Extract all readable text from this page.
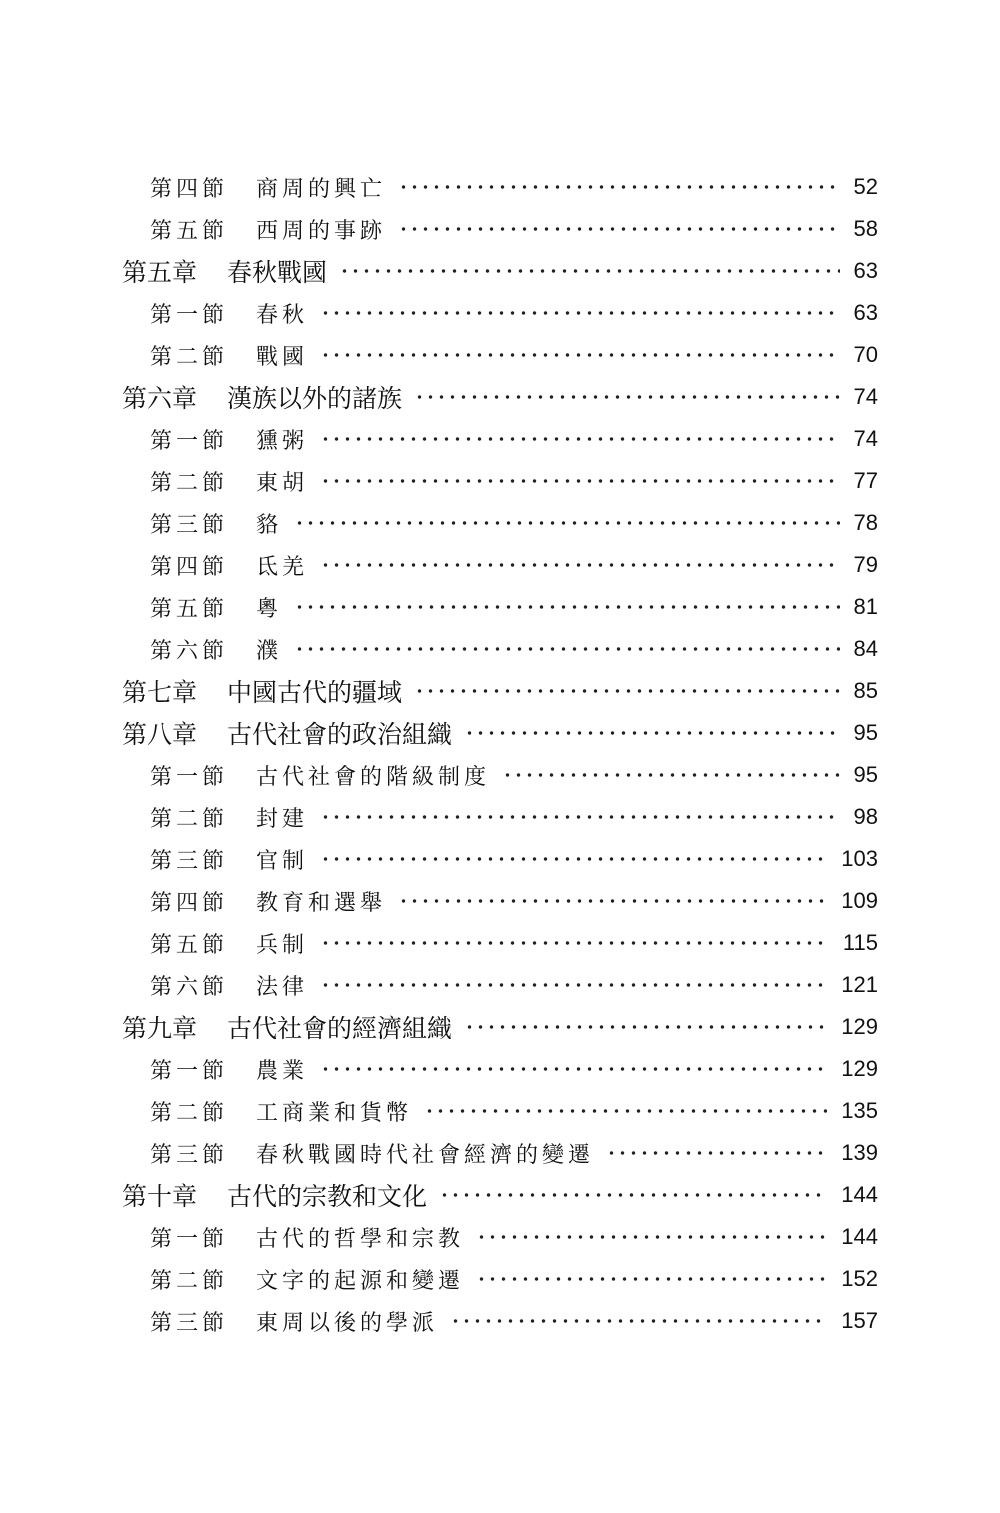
第四節 商周的興亡	52
第五節 西周的事跡	58
第五章 春秋戰國	63
第一節 春秋	63
第二節 戰國	70
第六章 漢族以外的諸族	74
第一節 獯粥	74
第二節 東胡	77
第三節 貉	78
第四節 氐羌	79
第五節 粵	81
第六節 濮	84
第七章 中國古代的疆域	85
第八章 古代社會的政治組織	95
第一節 古代社會的階級制度	95
第二節 封建	98
第三節 官制	103
第四節 教育和選舉	109
第五節 兵制	115
第六節 法律	121
第九章 古代社會的經濟組織	129
第一節 農業	129
第二節 工商業和貨幣	135
第三節 春秋戰國時代社會經濟的變遷	139
第十章 古代的宗教和文化	144
第一節 古代的哲學和宗教	144
第二節 文字的起源和變遷	152
第三節 東周以後的學派	157
